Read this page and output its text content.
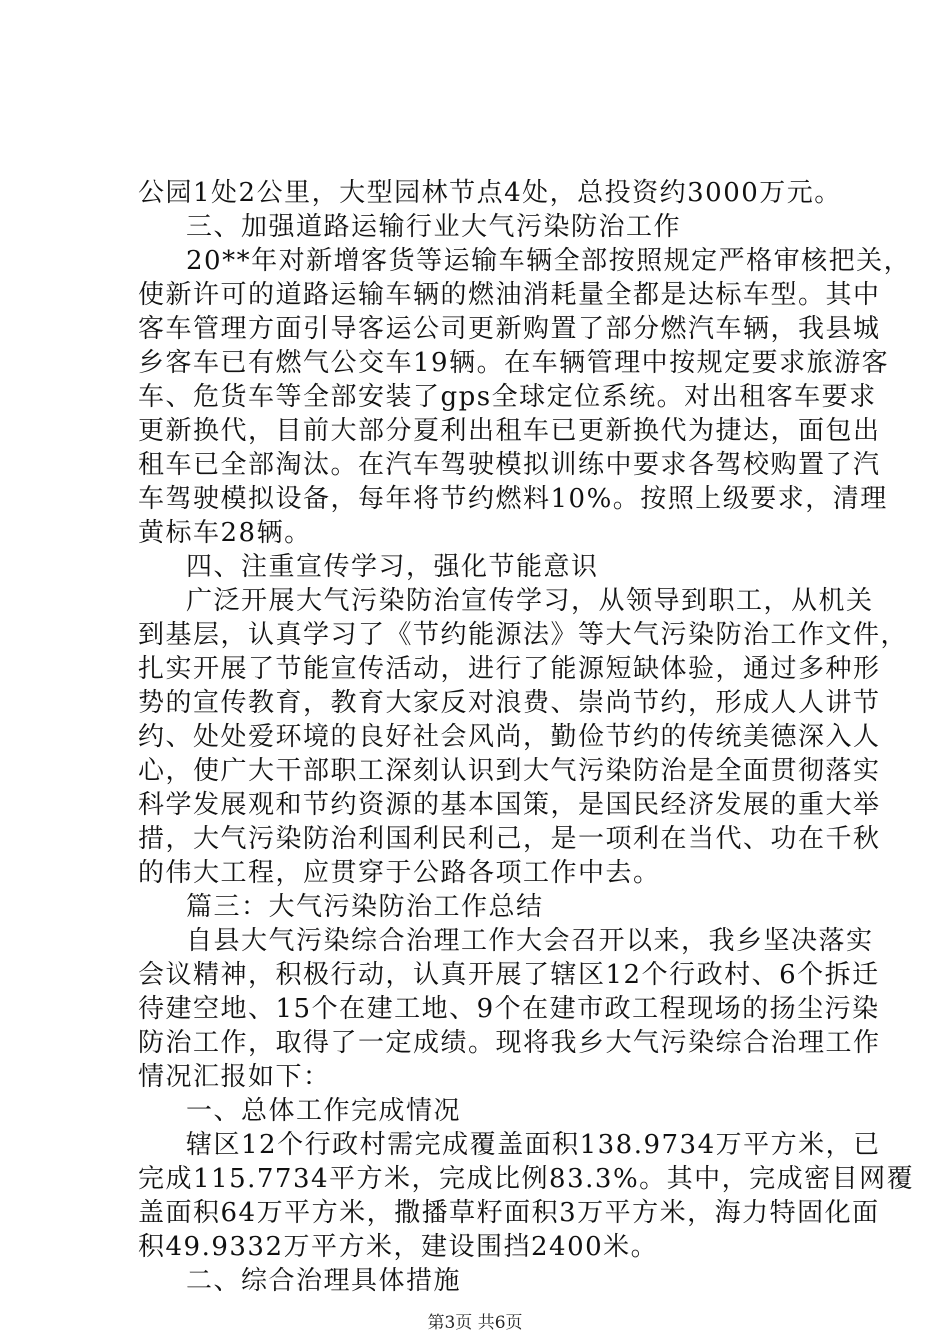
公园1处2公里，大型园林节点4处，总投资约3000万元。
三、加强道路运输行业大气污染防治工作
20**年对新增客货等运输车辆全部按照规定严格审核把关，
使新许可的道路运输车辆的燃油消耗量全都是达标车型。其中
客车管理方面引导客运公司更新购置了部分燃汽车辆，我县城
乡客车已有燃气公交车19辆。在车辆管理中按规定要求旅游客
车、危货车等全部安装了gps全球定位系统。对出租客车要求
更新换代，目前大部分夏利出租车已更新换代为捷达，面包出
租车已全部淘汰。在汽车驾驶模拟训练中要求各驾校购置了汽
车驾驶模拟设备，每年将节约燃料10%。按照上级要求，清理
黄标车28辆。
四、注重宣传学习，强化节能意识
广泛开展大气污染防治宣传学习，从领导到职工，从机关
到基层，认真学习了《节约能源法》等大气污染防治工作文件，
扎实开展了节能宣传活动，进行了能源短缺体验，通过多种形
势的宣传教育，教育大家反对浪费、崇尚节约，形成人人讲节
约、处处爱环境的良好社会风尚，勤俭节约的传统美德深入人
心，使广大干部职工深刻认识到大气污染防治是全面贯彻落实
科学发展观和节约资源的基本国策，是国民经济发展的重大举
措，大气污染防治利国利民利己，是一项利在当代、功在千秋
的伟大工程，应贯穿于公路各项工作中去。
篇三：大气污染防治工作总结
自县大气污染综合治理工作大会召开以来，我乡坚决落实
会议精神，积极行动，认真开展了辖区12个行政村、6个拆迁
待建空地、15个在建工地、9个在建市政工程现场的扬尘污染
防治工作，取得了一定成绩。现将我乡大气污染综合治理工作
情况汇报如下：
一、总体工作完成情况
辖区12个行政村需完成覆盖面积138.9734万平方米，已
完成115.7734平方米，完成比例83.3%。其中，完成密目网覆
盖面积64万平方米，撒播草籽面积3万平方米，海力特固化面
积49.9332万平方米，建设围挡2400米。
二、综合治理具体措施
第3页 共6页
